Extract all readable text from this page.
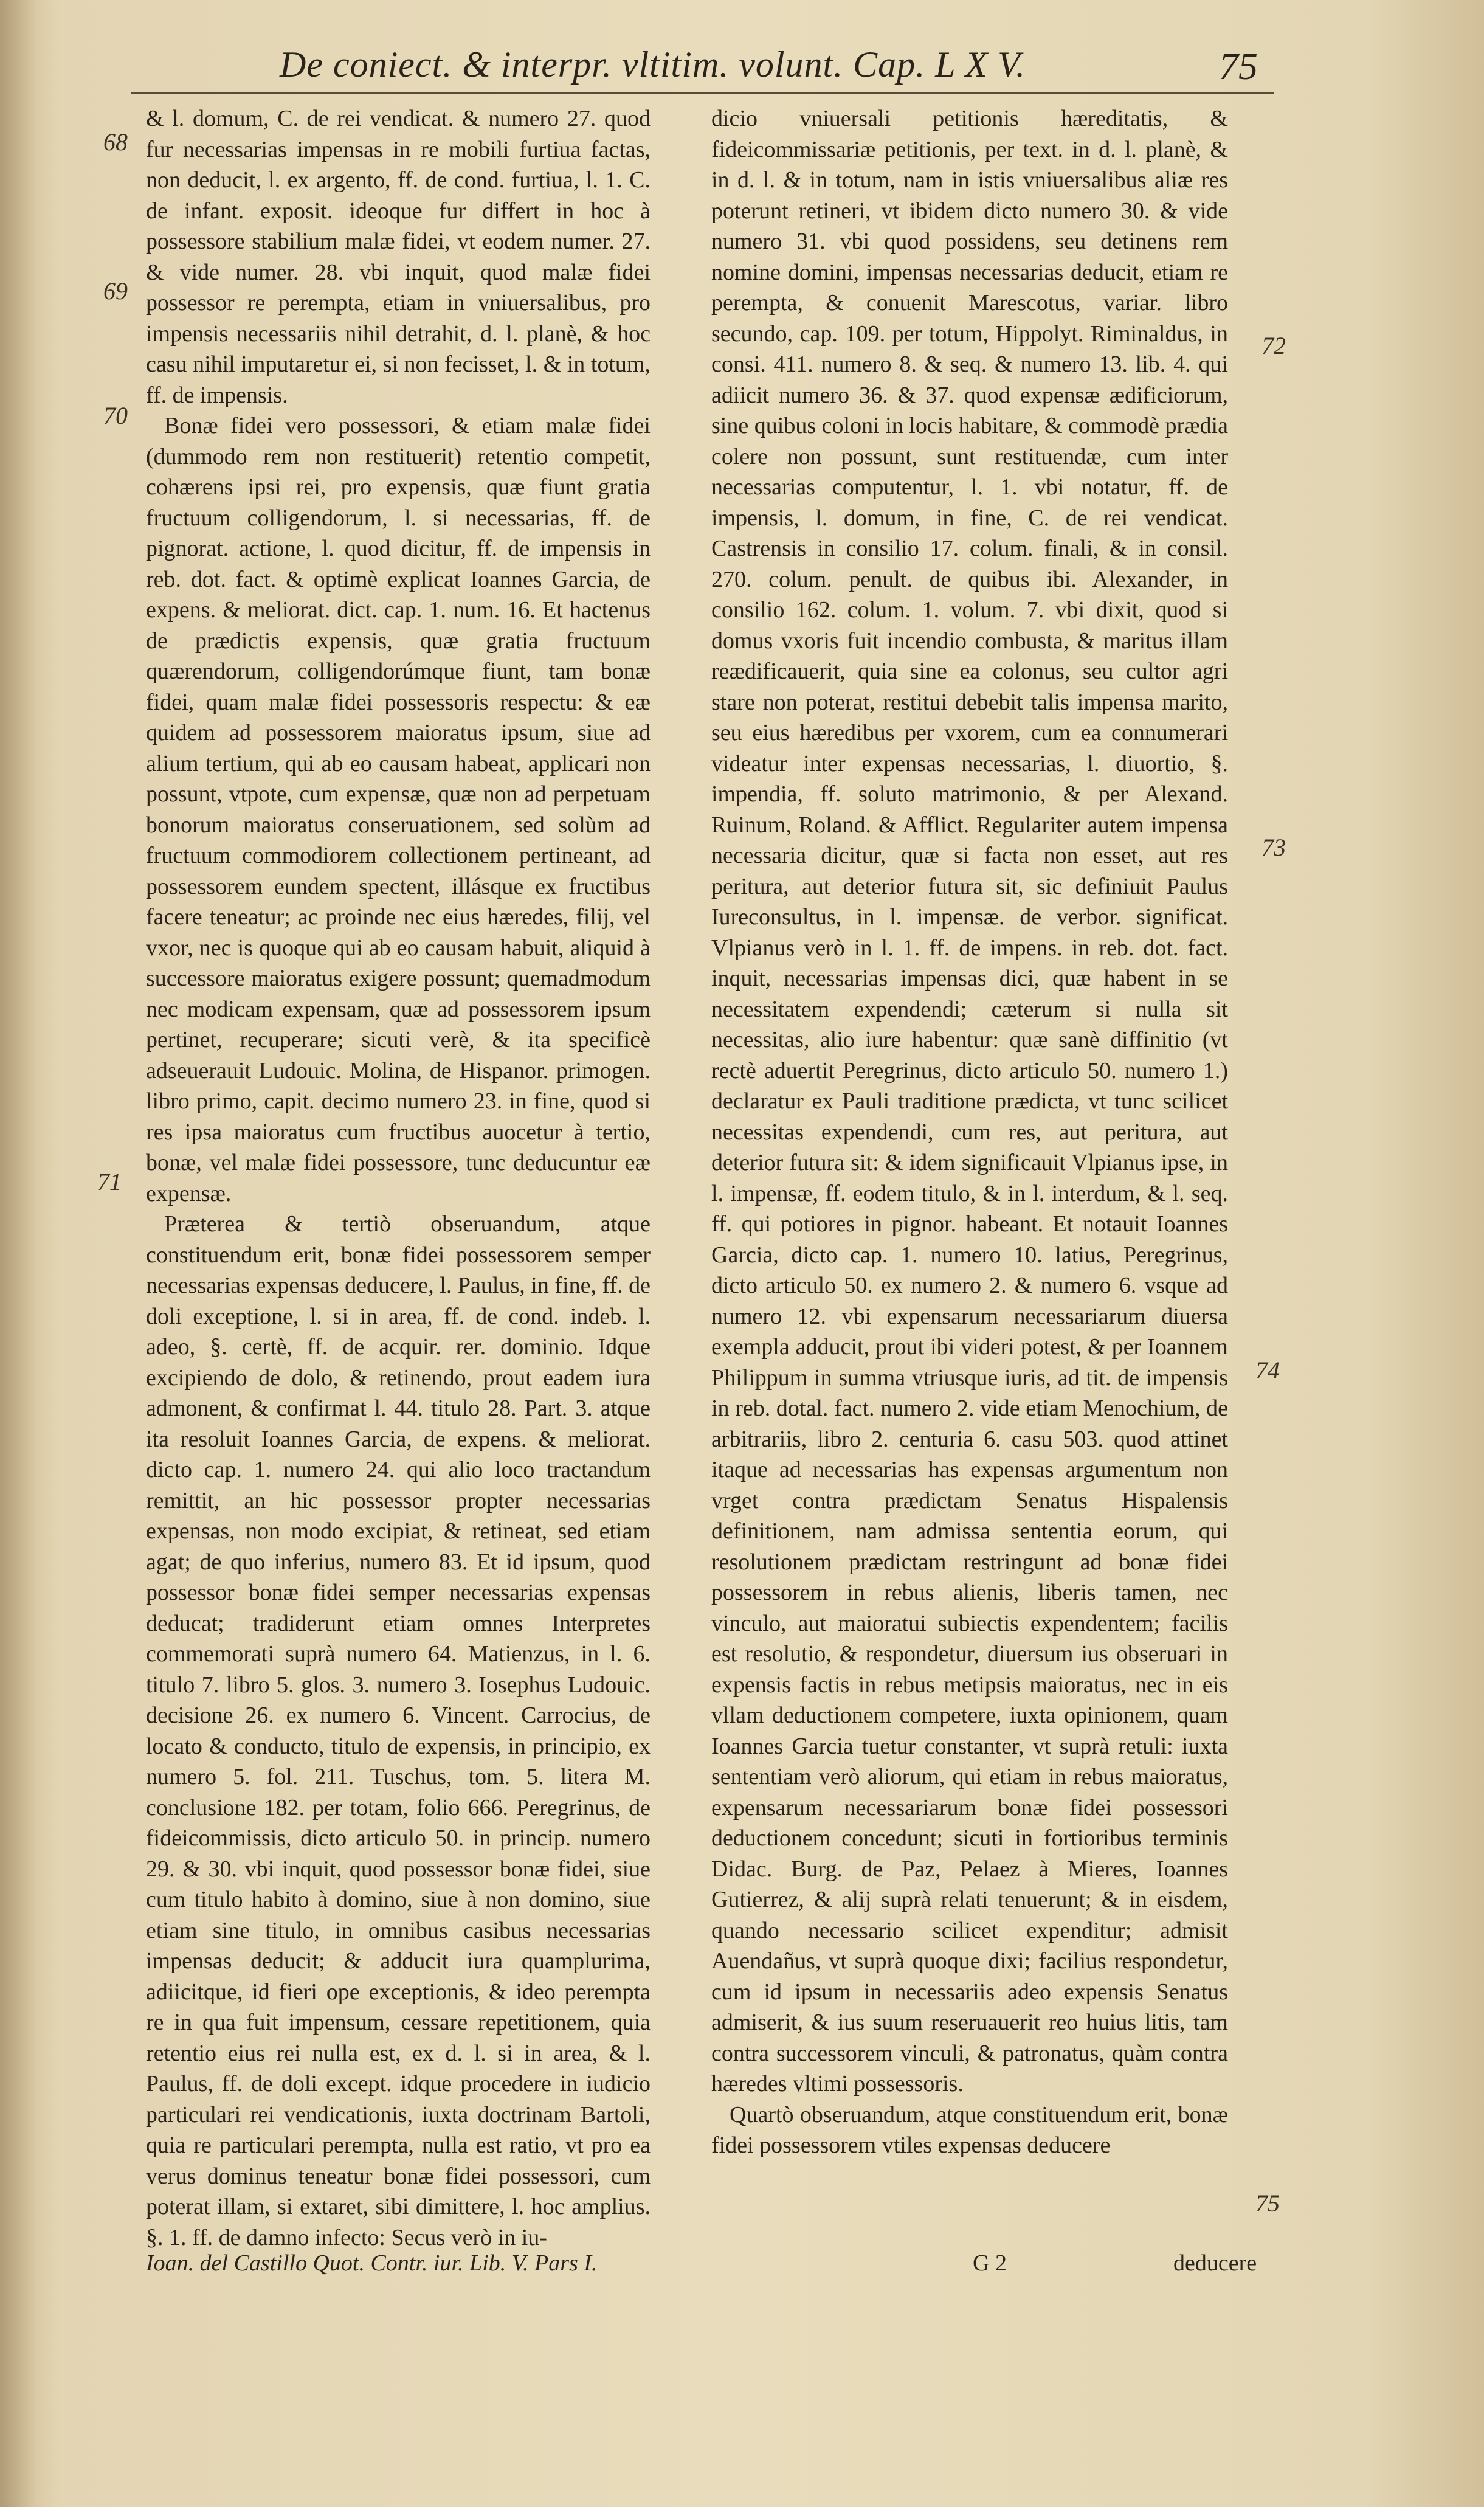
De coniect. & interpr. vltitim. volunt. Cap. L X V.	75
68
69
70
71
72
73
74
75

& l. domum, C. de rei vendicat. & numero 27. quod fur necessarias impensas in re mobili furtiua factas, non deducit, l. ex argento, ff. de cond. furtiua, l. 1. C. de infant. exposit. ideoque fur differt in hoc à possessore stabilium malæ fidei, vt eodem numer. 27. & vide numer. 28. vbi inquit, quod malæ fidei possessor re perempta, etiam in vniuersalibus, pro impensis necessariis nihil detrahit, d. l. planè, & hoc casu nihil imputaretur ei, si non fecisset, l. & in totum, ff. de impensis.

Bonæ fidei vero possessori, & etiam malæ fidei (dummodo rem non restituerit) retentio competit, cohærens ipsi rei, pro expensis, quæ fiunt gratia fructuum colligendorum, l. si necessarias, ff. de pignorat. actione, l. quod dicitur, ff. de impensis in reb. dot. fact. & optimè explicat Ioannes Garcia, de expens. & meliorat. dict. cap. 1. num. 16. Et hactenus de prædictis expensis, quæ gratia fructuum quærendorum, colligendorúmque fiunt, tam bonæ fidei, quam malæ fidei possessoris respectu: & eæ quidem ad possessorem maioratus ipsum, siue ad alium tertium, qui ab eo causam habeat, applicari non possunt, vtpote, cum expensæ, quæ non ad perpetuam bonorum maioratus conseruationem, sed solùm ad fructuum commodiorem collectionem pertineant, ad possessorem eundem spectent, illásque ex fructibus facere teneatur; ac proinde nec eius hæredes, filij, vel vxor, nec is quoque qui ab eo causam habuit, aliquid à successore maioratus exigere possunt; quemadmodum nec modicam expensam, quæ ad possessorem ipsum pertinet, recuperare; sicuti verè, & ita specificè adseuerauit Ludouic. Molina, de Hispanor. primogen. libro primo, capit. decimo numero 23. in fine, quod si res ipsa maioratus cum fructibus auocetur à tertio, bonæ, vel malæ fidei possessore, tunc deducuntur eæ expensæ.

Præterea & tertiò obseruandum, atque constituendum erit, bonæ fidei possessorem semper necessarias expensas deducere, l. Paulus, in fine, ff. de doli exceptione, l. si in area, ff. de cond. indeb. l. adeo, §. certè, ff. de acquir. rer. dominio. Idque excipiendo de dolo, & retinendo, prout eadem iura admonent, & confirmat l. 44. titulo 28. Part. 3. atque ita resoluit Ioannes Garcia, de expens. & meliorat. dicto cap. 1. numero 24. qui alio loco tractandum remittit, an hic possessor propter necessarias expensas, non modo excipiat, & retineat, sed etiam agat; de quo inferius, numero 83. Et id ipsum, quod possessor bonæ fidei semper necessarias expensas deducat; tradiderunt etiam omnes Interpretes commemorati suprà numero 64. Matienzus, in l. 6. titulo 7. libro 5. glos. 3. numero 3. Iosephus Ludouic. decisione 26. ex numero 6. Vincent. Carrocius, de locato & conducto, titulo de expensis, in principio, ex numero 5. fol. 211. Tuschus, tom. 5. litera M. conclusione 182. per totam, folio 666. Peregrinus, de fideicommissis, dicto articulo 50. in princip. numero 29. & 30. vbi inquit, quod possessor bonæ fidei, siue cum titulo habito à domino, siue à non domino, siue etiam sine titulo, in omnibus casibus necessarias impensas deducit; & adducit iura quamplurima, adiicitque, id fieri ope exceptionis, & ideo perempta re in qua fuit impensum, cessare repetitionem, quia retentio eius rei nulla est, ex d. l. si in area, & l. Paulus, ff. de doli except. idque procedere in iudicio particulari rei vendicationis, iuxta doctrinam Bartoli, quia re particulari perempta, nulla est ratio, vt pro ea verus dominus teneatur bonæ fidei possessori, cum poterat illam, si extaret, sibi dimittere, l. hoc amplius. §. 1. ff. de damno infecto: Secus verò in iu-

dicio vniuersali petitionis hæreditatis, & fideicommissariæ petitionis, per text. in d. l. planè, & in d. l. & in totum, nam in istis vniuersalibus aliæ res poterunt retineri, vt ibidem dicto numero 30. & vide numero 31. vbi quod possidens, seu detinens rem nomine domini, impensas necessarias deducit, etiam re perempta, & conuenit Marescotus, variar. libro secundo, cap. 109. per totum, Hippolyt. Riminaldus, in consi. 411. numero 8. & seq. & numero 13. lib. 4. qui adiicit numero 36. & 37. quod expensæ ædificiorum, sine quibus coloni in locis habitare, & commodè prædia colere non possunt, sunt restituendæ, cum inter necessarias computentur, l. 1. vbi notatur, ff. de impensis, l. domum, in fine, C. de rei vendicat. Castrensis in consilio 17. colum. finali, & in consil. 270. colum. penult. de quibus ibi. Alexander, in consilio 162. colum. 1. volum. 7. vbi dixit, quod si domus vxoris fuit incendio combusta, & maritus illam reædificauerit, quia sine ea colonus, seu cultor agri stare non poterat, restitui debebit talis impensa marito, seu eius hæredibus per vxorem, cum ea connumerari videatur inter expensas necessarias, l. diuortio, §. impendia, ff. soluto matrimonio, & per Alexand. Ruinum, Roland. & Afflict. Regulariter autem impensa necessaria dicitur, quæ si facta non esset, aut res peritura, aut deterior futura sit, sic definiuit Paulus Iureconsultus, in l. impensæ. de verbor. significat. Vlpianus verò in l. 1. ff. de impens. in reb. dot. fact. inquit, necessarias impensas dici, quæ habent in se necessitatem expendendi; cæterum si nulla sit necessitas, alio iure habentur: quæ sanè diffinitio (vt rectè aduertit Peregrinus, dicto articulo 50. numero 1.) declaratur ex Pauli traditione prædicta, vt tunc scilicet necessitas expendendi, cum res, aut peritura, aut deterior futura sit: & idem significauit Vlpianus ipse, in l. impensæ, ff. eodem titulo, & in l. interdum, & l. seq. ff. qui potiores in pignor. habeant. Et notauit Ioannes Garcia, dicto cap. 1. numero 10. latius, Peregrinus, dicto articulo 50. ex numero 2. & numero 6. vsque ad numero 12. vbi expensarum necessariarum diuersa exempla adducit, prout ibi videri potest, & per Ioannem Philippum in summa vtriusque iuris, ad tit. de impensis in reb. dotal. fact. numero 2. vide etiam Menochium, de arbitrariis, libro 2. centuria 6. casu 503. quod attinet itaque ad necessarias has expensas argumentum non vrget contra prædictam Senatus Hispalensis definitionem, nam admissa sententia eorum, qui resolutionem prædictam restringunt ad bonæ fidei possessorem in rebus alienis, liberis tamen, nec vinculo, aut maioratui subiectis expendentem; facilis est resolutio, & respondetur, diuersum ius obseruari in expensis factis in rebus metipsis maioratus, nec in eis vllam deductionem competere, iuxta opinionem, quam Ioannes Garcia tuetur constanter, vt suprà retuli: iuxta sententiam verò aliorum, qui etiam in rebus maioratus, expensarum necessariarum bonæ fidei possessori deductionem concedunt; sicuti in fortioribus terminis Didac. Burg. de Paz, Pelaez à Mieres, Ioannes Gutierrez, & alij suprà relati tenuerunt; & in eisdem, quando necessario scilicet expenditur; admisit Auendañus, vt suprà quoque dixi; facilius respondetur, cum id ipsum in necessariis adeo expensis Senatus admiserit, & ius suum reseruauerit reo huius litis, tam contra successorem vinculi, & patronatus, quàm contra hæredes vltimi possessoris.

Quartò obseruandum, atque constituendum erit, bonæ fidei possessorem vtiles expensas deducere

Ioan. del Castillo Quot. Contr. iur. Lib. V. Pars I.	G 2	deducere
